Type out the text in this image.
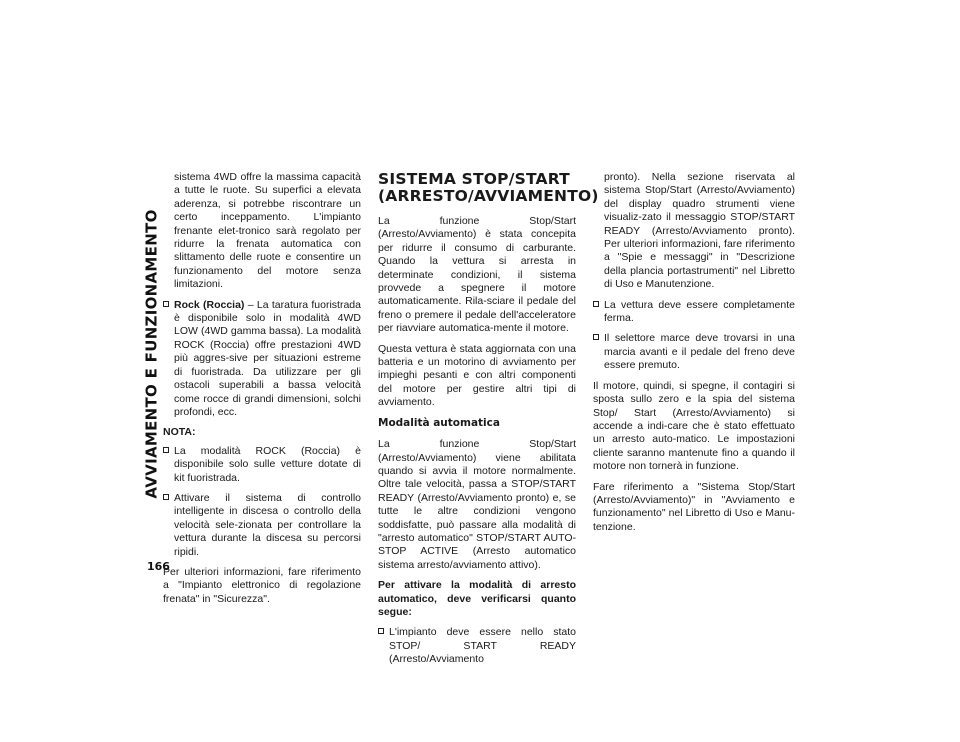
AVVIAMENTO E FUNZIONAMENTO
166

sistema 4WD offre la massima capacità a tutte le ruote. Su superfici a elevata aderenza, si potrebbe riscontrare un certo inceppamento. L'impianto frenante elet-tronico sarà regolato per ridurre la frenata automatica con slittamento delle ruote e consentire un funzionamento del motore senza limitazioni.

Rock (Roccia) – La taratura fuoristrada è disponibile solo in modalità 4WD LOW (4WD gamma bassa). La modalità ROCK (Roccia) offre prestazioni 4WD più aggres-sive per situazioni estreme di fuoristrada. Da utilizzare per gli ostacoli superabili a bassa velocità come rocce di grandi dimensioni, solchi profondi, ecc.
NOTA:
La modalità ROCK (Roccia) è disponibile solo sulle vetture dotate di kit fuoristrada.
Attivare il sistema di controllo intelligente in discesa o controllo della velocità sele-zionata per controllare la vettura durante la discesa su percorsi ripidi.

Per ulteriori informazioni, fare riferimento a "Impianto elettronico di regolazione frenata" in "Sicurezza".

SISTEMA STOP/START
(ARRESTO/AVVIAMENTO)

La funzione Stop/Start (Arresto/Avviamento) è stata concepita per ridurre il consumo di carburante. Quando la vettura si arresta in determinate condizioni, il sistema provvede a spegnere il motore automaticamente. Rila-sciare il pedale del freno o premere il pedale dell'acceleratore per riavviare automatica-mente il motore.

Questa vettura è stata aggiornata con una batteria e un motorino di avviamento per impieghi pesanti e con altri componenti del motore per gestire altri tipi di avviamento.

Modalità automatica

La funzione Stop/Start (Arresto/Avviamento) viene abilitata quando si avvia il motore normalmente. Oltre tale velocità, passa a STOP/START READY (Arresto/Avviamento pronto) e, se tutte le altre condizioni vengono soddisfatte, può passare alla modalità di "arresto automatico" STOP/START AUTO-STOP ACTIVE (Arresto automatico sistema arresto/avviamento attivo).

Per attivare la modalità di arresto automatico, deve verificarsi quanto segue:

L'impianto deve essere nello stato STOP/ START READY (Arresto/Avviamento

pronto). Nella sezione riservata al sistema Stop/Start (Arresto/Avviamento) del display quadro strumenti viene visualiz-zato il messaggio STOP/START READY (Arresto/Avviamento pronto). Per ulteriori informazioni, fare riferimento a "Spie e messaggi" in "Descrizione della plancia portastrumenti" nel Libretto di Uso e Manutenzione.

La vettura deve essere completamente ferma.
Il selettore marce deve trovarsi in una marcia avanti e il pedale del freno deve essere premuto.

Il motore, quindi, si spegne, il contagiri si sposta sullo zero e la spia del sistema Stop/ Start (Arresto/Avviamento) si accende a indi-care che è stato effettuato un arresto auto-matico. Le impostazioni cliente saranno mantenute fino a quando il motore non tornerà in funzione.

Fare riferimento a "Sistema Stop/Start (Arresto/Avviamento)" in "Avviamento e funzionamento" nel Libretto di Uso e Manu-tenzione.
